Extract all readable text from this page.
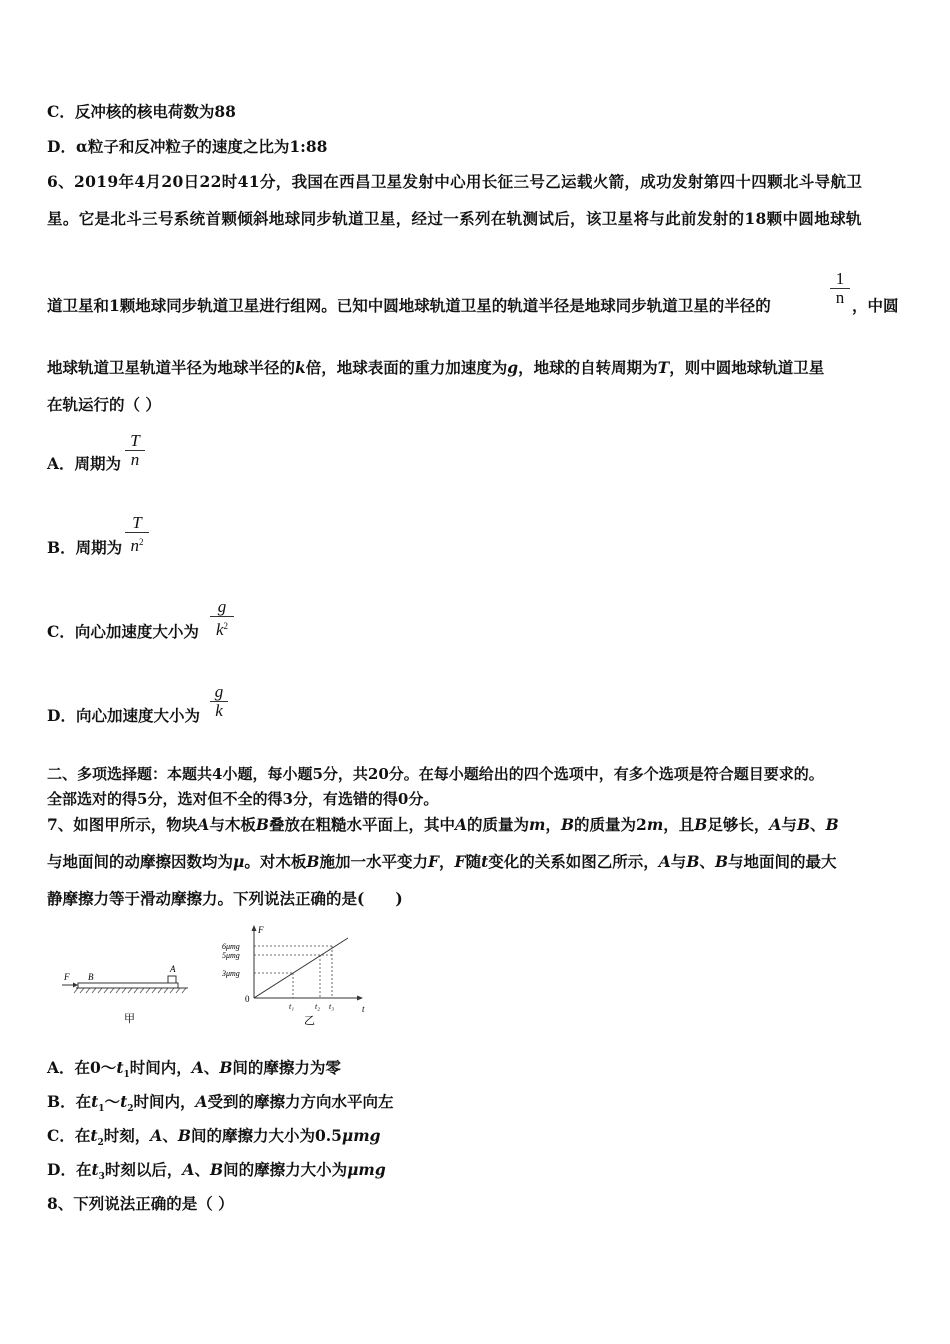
C．反冲核的核电荷数为88
D．α粒子和反冲粒子的速度之比为1:88
6、2019年4月20日22时41分，我国在西昌卫星发射中心用长征三号乙运载火箭，成功发射第四十四颗北斗导航卫
星。它是北斗三号系统首颗倾斜地球同步轨道卫星，经过一系列在轨测试后，该卫星将与此前发射的18颗中圆地球轨
道卫星和1颗地球同步轨道卫星进行组网。已知中圆地球轨道卫星的轨道半径是地球同步轨道卫星的半径的
1
n ，中圆
地球轨道卫星轨道半径为地球半径的k倍，地球表面的重力加速度为g，地球的自转周期为T，则中圆地球轨道卫星
在轨运行的（ ）
A．周期为
T
n
B．周期为
T
$n^2$
C．向心加速度大小为
g
$k^2$
D．向心加速度大小为
g
k
二、多项选择题：本题共4小题，每小题5分，共20分。在每小题给出的四个选项中，有多个选项是符合题目要求的。
全部选对的得5分，选对但不全的得3分，有选错的得0分。
7、如图甲所示，物块A与木板B叠放在粗糙水平面上，其中A的质量为m，B的质量为2m，且B足够长，A与B、B
与地面间的动摩擦因数均为μ。对木板B施加一水平变力F，F随t变化的关系如图乙所示，A与B、B与地面间的最大
静摩擦力等于滑动摩擦力。下列说法正确的是(　　)
F B
A
甲
F
t
0
6μmg
5μmg
3μmg
t₁	t₂ t₃
乙
A．在$0\sim t_1$时间内，A、B间的摩擦力为零
B．在$t_1\sim t_2$时间内，A受到的摩擦力方向水平向左
C．在$t_2$时刻，A、B间的摩擦力大小为0.5μmg
D．在$t_3$时刻以后，A、B间的摩擦力大小为μmg
8、下列说法正确的是（ ）
